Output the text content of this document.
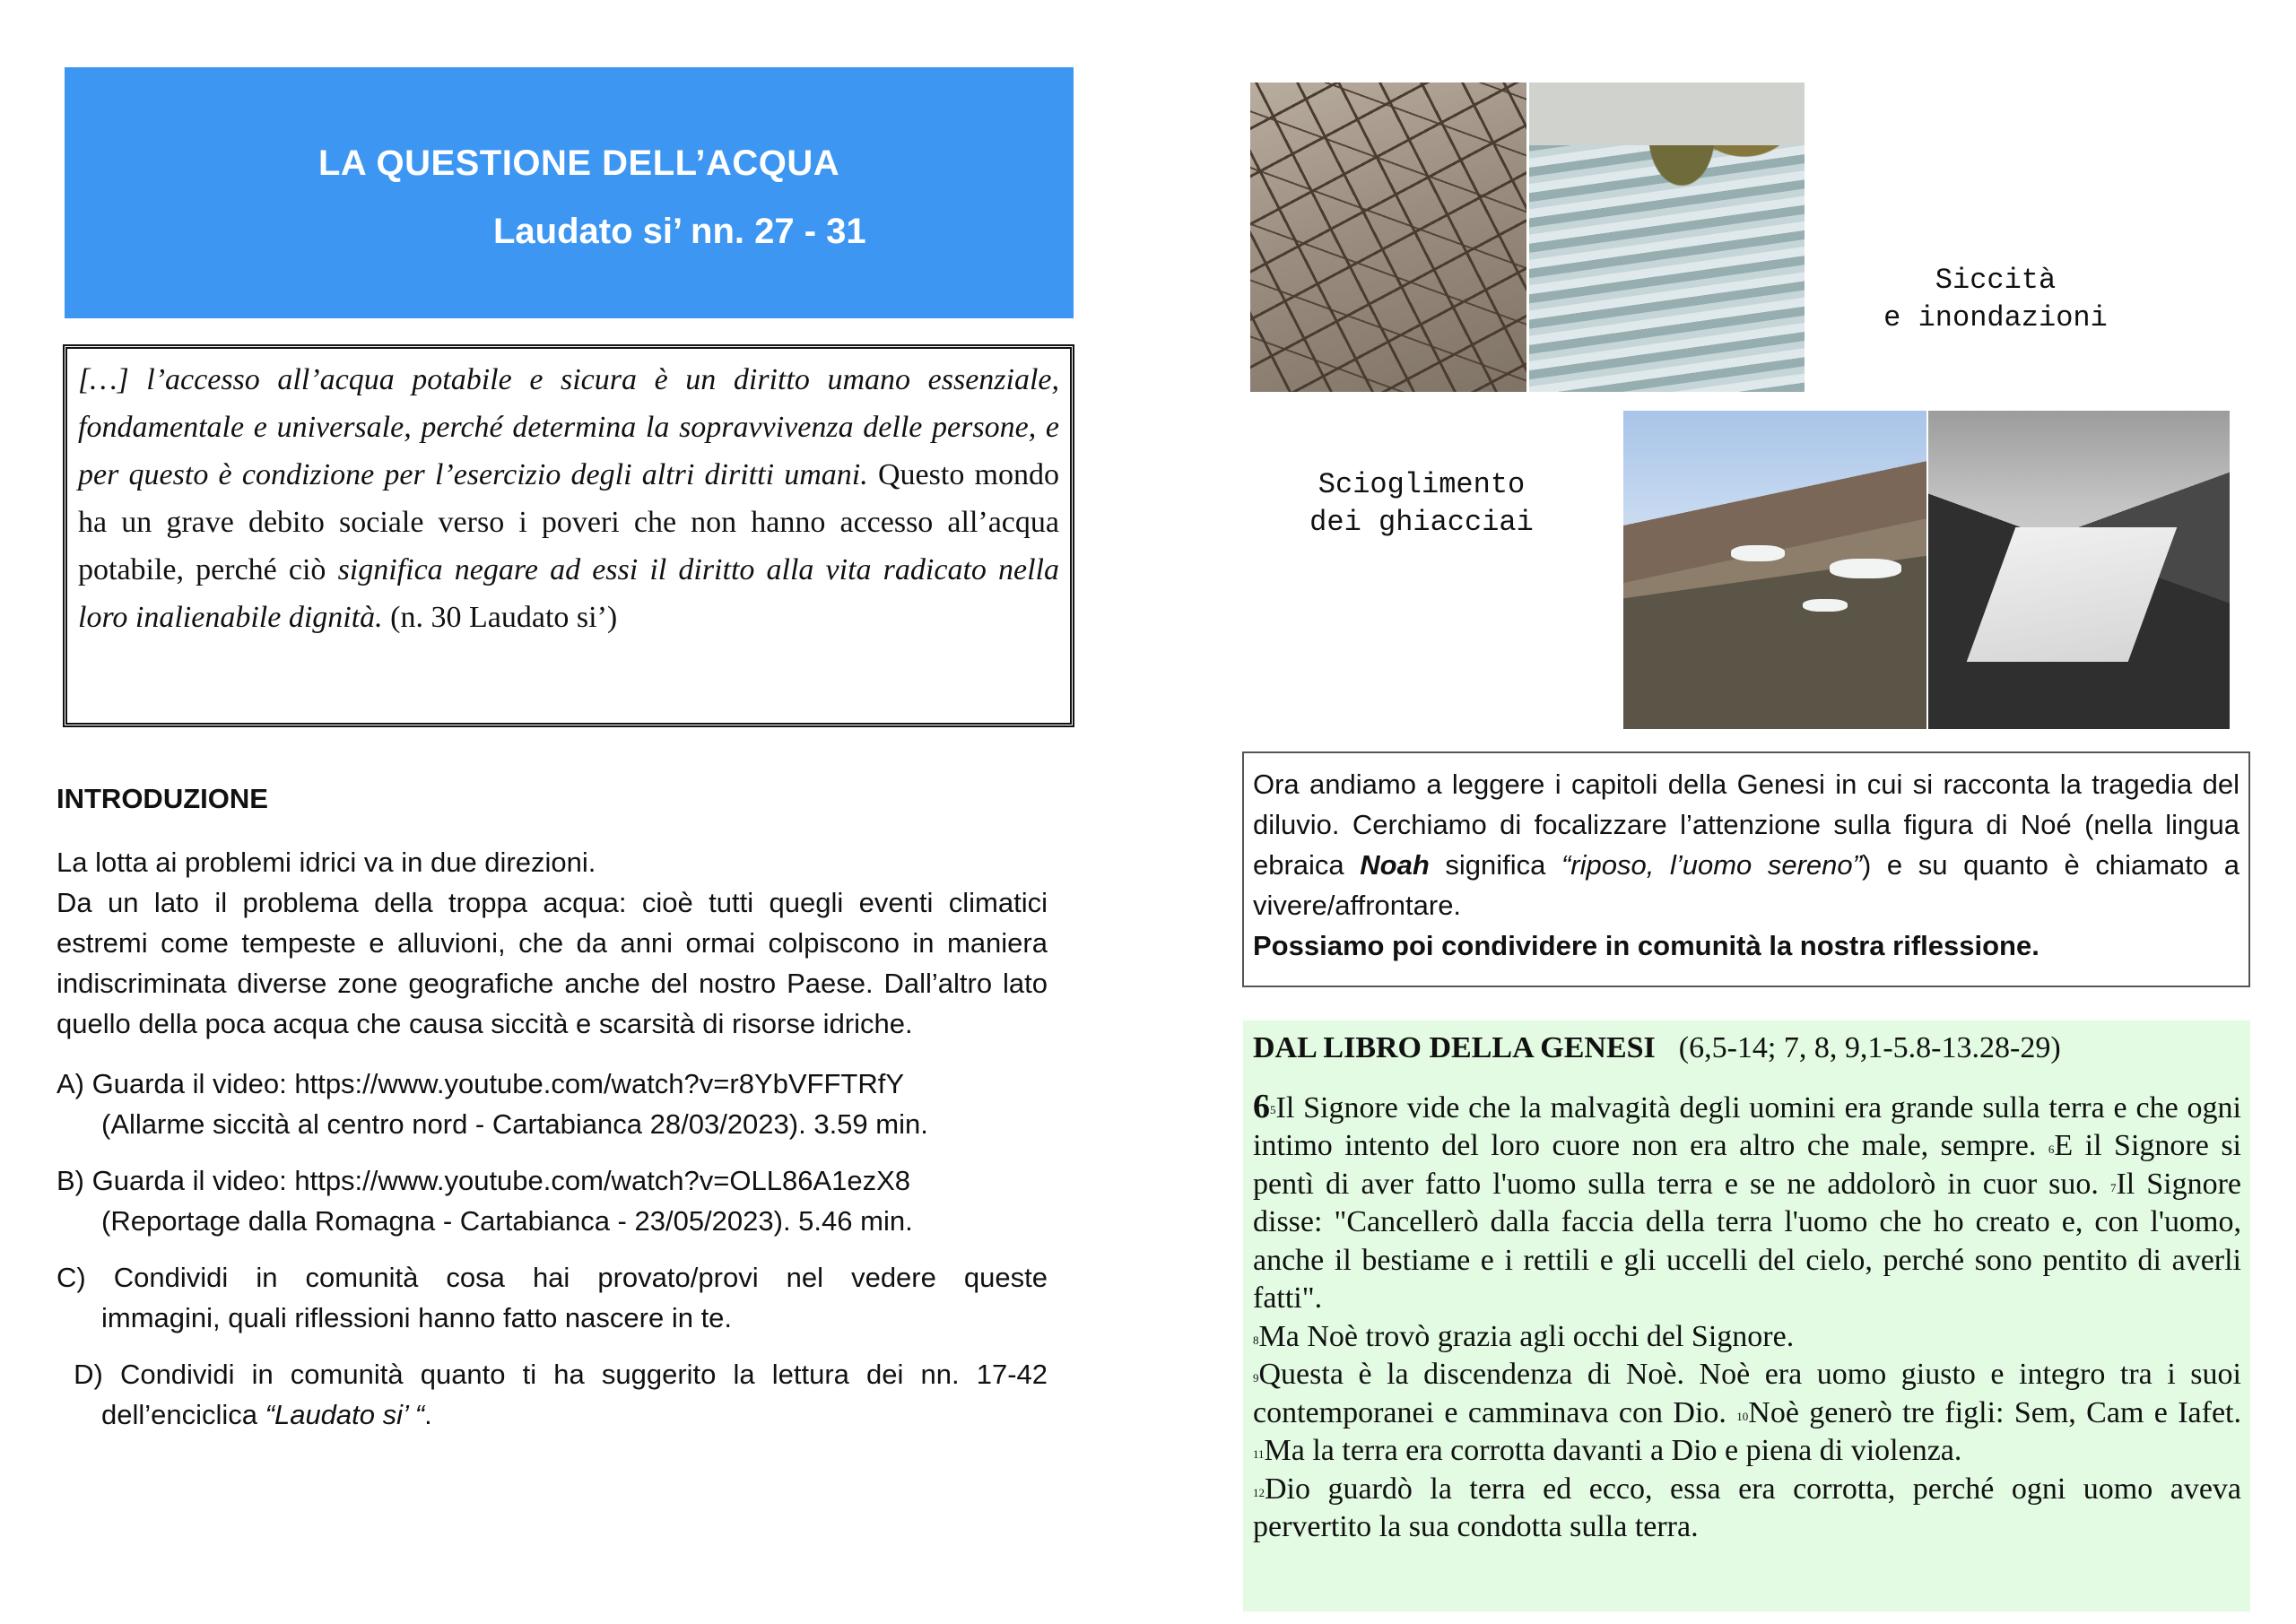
LA QUESTIONE DELL’ACQUA
Laudato si’ nn. 27 - 31

[…] l’accesso all’acqua potabile e sicura è un diritto umano essenziale, fondamentale e universale, perché determina la sopravvivenza delle persone, e per questo è condizione per l’esercizio degli altri diritti umani. Questo mondo ha un grave debito sociale verso i poveri che non hanno accesso all’acqua potabile, perché ciò significa negare ad essi il diritto alla vita radicato nella loro inalienabile dignità. (n. 30 Laudato si’)

INTRODUZIONE

La lotta ai problemi idrici va in due direzioni.

Da un lato il problema della troppa acqua: cioè tutti quegli eventi climatici estremi come tempeste e alluvioni, che da anni ormai colpiscono in maniera indiscriminata diverse zone geografiche anche del nostro Paese. Dall’altro lato quello della poca acqua che causa siccità e scarsità di risorse idriche.

A) Guarda il video: https://www.youtube.com/watch?v=r8YbVFFTRfY
(Allarme siccità al centro nord - Cartabianca 28/03/2023). 3.59 min.
B) Guarda il video: https://www.youtube.com/watch?v=OLL86A1ezX8
(Reportage dalla Romagna - Cartabianca - 23/05/2023). 5.46 min.
C) Condividi in comunità cosa hai provato/provi nel vedere queste
immagini, quali riflessioni hanno fatto nascere in te.
D) Condividi in comunità quanto ti ha suggerito la lettura dei nn. 17-42
dell’enciclica “Laudato si’ “.
Siccità
e inondazioni
Scioglimento
dei ghiacciai

Ora andiamo a leggere i capitoli della Genesi in cui si racconta la tragedia del diluvio. Cerchiamo di focalizzare l’attenzione sulla figura di Noé (nella lingua ebraica Noah significa “riposo, l’uomo sereno”) e su quanto è chiamato a vivere/affrontare.

Possiamo poi condividere in comunità la nostra riflessione.
DAL LIBRO DELLA GENESI (6,5-14; 7, 8, 9,1-5.8-13.28-29)

$6^5Il$ Signore vide che la malvagità degli uomini era grande sulla terra e che ogni intimo intento del loro cuore non era altro che male, sempre. $^6$E il Signore si pentì di aver fatto l'uomo sulla terra e se ne addolorò in cuor suo. $^7$Il Signore disse: "Cancellerò dalla faccia della terra l'uomo che ho creato e, con l'uomo, anche il bestiame e i rettili e gli uccelli del cielo, perché sono pentito di averli fatti".

$^8$Ma Noè trovò grazia agli occhi del Signore.

$^9$Questa è la discendenza di Noè. Noè era uomo giusto e integro tra i suoi contemporanei e camminava con Dio. $^{10}$Noè generò tre figli: Sem, Cam e Iafet. $^{11}$Ma la terra era corrotta davanti a Dio e piena di violenza.

$^{12}$Dio guardò la terra ed ecco, essa era corrotta, perché ogni uomo aveva pervertito la sua condotta sulla terra.
